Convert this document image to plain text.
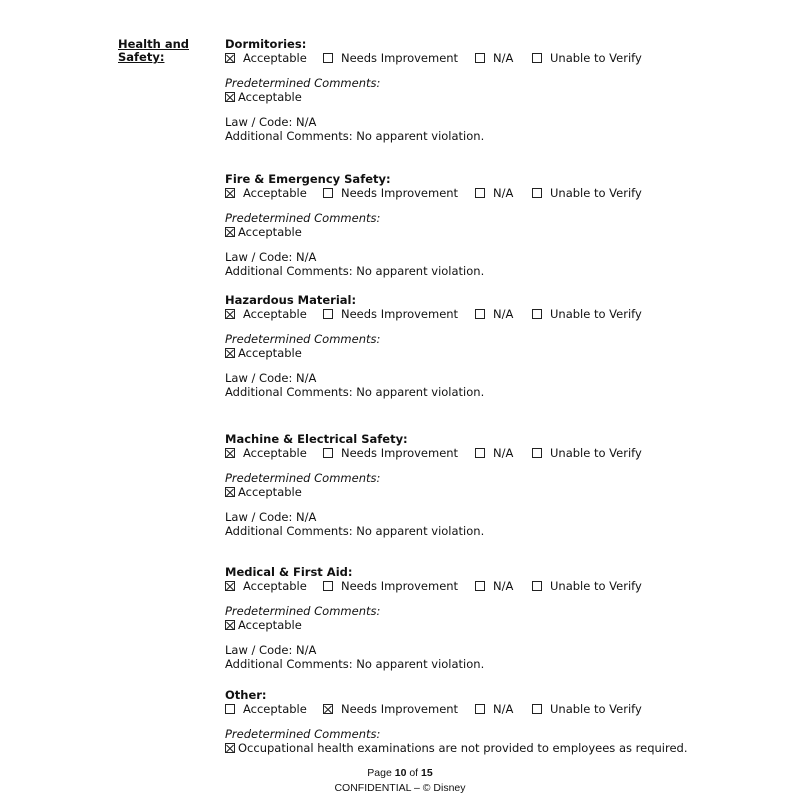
Health and
Safety:
Dormitories:
Acceptable	Needs Improvement	N/A	Unable to Verify
Predetermined Comments:
Acceptable
Law / Code: N/A
Additional Comments: No apparent violation.
Fire & Emergency Safety:
Acceptable	Needs Improvement	N/A	Unable to Verify
Predetermined Comments:
Acceptable
Law / Code: N/A
Additional Comments: No apparent violation.
Hazardous Material:
Acceptable	Needs Improvement	N/A	Unable to Verify
Predetermined Comments:
Acceptable
Law / Code: N/A
Additional Comments: No apparent violation.
Machine & Electrical Safety:
Acceptable	Needs Improvement	N/A	Unable to Verify
Predetermined Comments:
Acceptable
Law / Code: N/A
Additional Comments: No apparent violation.
Medical & First Aid:
Acceptable	Needs Improvement	N/A	Unable to Verify
Predetermined Comments:
Acceptable
Law / Code: N/A
Additional Comments: No apparent violation.
Other:
Acceptable	Needs Improvement	N/A	Unable to Verify
Predetermined Comments:
Occupational health examinations are not provided to employees as required.
Page 10 of 15
CONFIDENTIAL – © Disney
